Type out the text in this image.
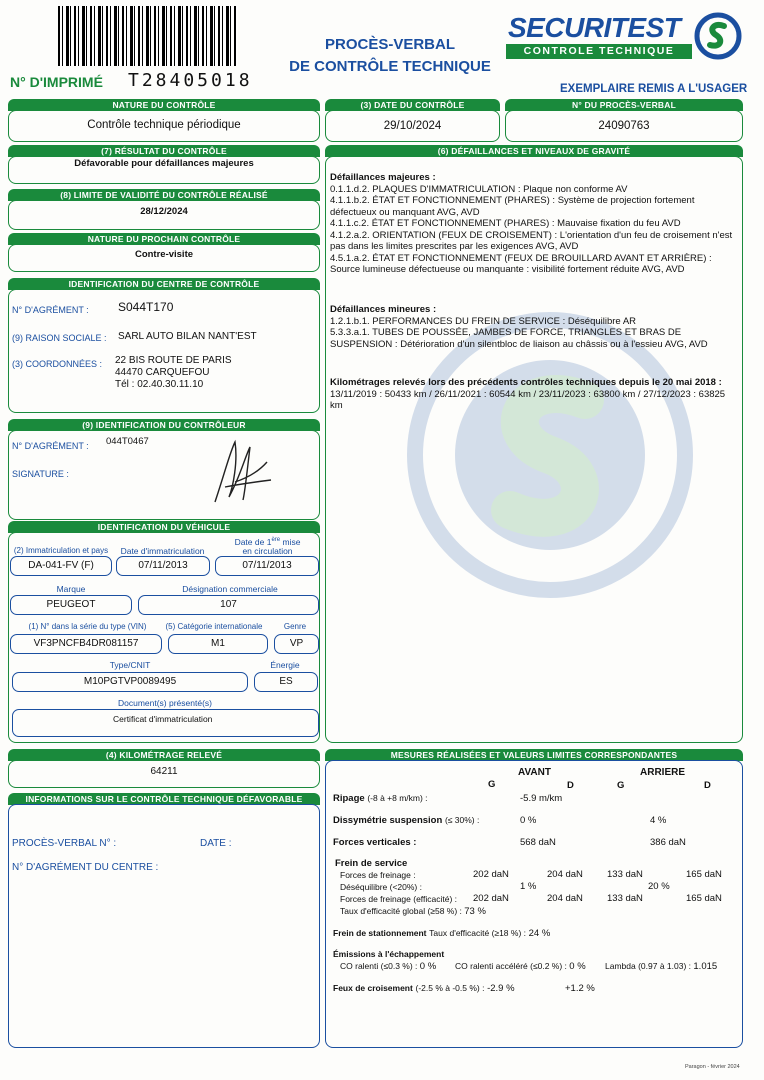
N° D'IMPRIMÉ T28405018
PROCÈS-VERBAL
DE CONTRÔLE TECHNIQUE
SECURITEST
CONTROLE TECHNIQUE
EXEMPLAIRE REMIS A L'USAGER
NATURE DU CONTRÔLE
Contrôle technique périodique
(3) DATE DU CONTRÔLE
29/10/2024
N° DU PROCÈS-VERBAL
24090763
(7) RÉSULTAT DU CONTRÔLE
Défavorable pour défaillances majeures
(8) LIMITE DE VALIDITÉ DU CONTRÔLE RÉALISÉ
28/12/2024
NATURE DU PROCHAIN CONTRÔLE
Contre-visite
IDENTIFICATION DU CENTRE DE CONTRÔLE
N° D'AGRÉMENT : S044T170
(9) RAISON SOCIALE : SARL AUTO BILAN NANT'EST
(3) COORDONNÉES : 22 BIS ROUTE DE PARIS
44470 CARQUEFOU
Tél : 02.40.30.11.10
(9) IDENTIFICATION DU CONTRÔLEUR
N° D'AGRÉMENT : 044T0467
SIGNATURE :
IDENTIFICATION DU VÉHICULE
(2) Immatriculation et pays	Date d'immatriculation
Date de 1ère mise
en circulation
DA-041-FV (F)	07/11/2013	07/11/2013
Marque	Désignation commerciale
PEUGEOT	107
(1) N° dans la série du type (VIN)	(5) Catégorie internationale	Genre
VF3PNCFB4DR081157	M1	VP
Type/CNIT	Énergie
M10PGTVP0089495	ES
Document(s) présenté(s)
Certificat d'immatriculation
(6) DÉFAILLANCES ET NIVEAUX DE GRAVITÉ
Défaillances majeures :
0.1.1.d.2. PLAQUES D'IMMATRICULATION : Plaque non conforme AV
4.1.1.b.2. ÉTAT ET FONCTIONNEMENT (PHARES) : Système de projection fortement défectueux ou manquant AVG, AVD
4.1.1.c.2. ÉTAT ET FONCTIONNEMENT (PHARES) : Mauvaise fixation du feu AVD
4.1.2.a.2. ORIENTATION (FEUX DE CROISEMENT) : L'orientation d'un feu de croisement n'est pas dans les limites prescrites par les exigences AVG, AVD
4.5.1.a.2. ÉTAT ET FONCTIONNEMENT (FEUX DE BROUILLARD AVANT ET ARRIÈRE) : Source lumineuse défectueuse ou manquante : visibilité fortement réduite AVG, AVD
Défaillances mineures :
1.2.1.b.1. PERFORMANCES DU FREIN DE SERVICE : Déséquilibre AR
5.3.3.a.1. TUBES DE POUSSÉE, JAMBES DE FORCE, TRIANGLES ET BRAS DE SUSPENSION : Détérioration d'un silentbloc de liaison au châssis ou à l'essieu AVG, AVD
Kilométrages relevés lors des précédents contrôles techniques depuis le 20 mai 2018 : 13/11/2019 : 50433 km / 26/11/2021 : 60544 km / 23/11/2023 : 63800 km / 27/12/2023 : 63825 km
(4) KILOMÉTRAGE RELEVÉ
64211
INFORMATIONS SUR LE CONTRÔLE TECHNIQUE DÉFAVORABLE
PROCÈS-VERBAL N° :	DATE :
N° D'AGRÉMENT DU CENTRE :
MESURES RÉALISÉES ET VALEURS LIMITES CORRESPONDANTES
AVANT	ARRIERE
G	D	G	D
Ripage (-8 à +8 m/km) :	-5.9 m/km
Dissymétrie suspension (≤ 30%) :	0 %	4 %
Forces verticales :	568 daN	386 daN
Frein de service
Forces de freinage :	202 daN	204 daN	133 daN	165 daN
Déséquilibre (<20%) :	1 %	20 %
Forces de freinage (efficacité) : 202 daN	204 daN	133 daN	165 daN
Taux d'efficacité global (≥58 %) : 73 %
Frein de stationnement Taux d'efficacité (≥18 %) : 24 %
Émissions à l'échappement
CO ralenti (≤0.3 %) : 0 % CO ralenti accéléré (≤0.2 %) : 0 % Lambda (0.97 à 1.03) : 1.015
Feux de croisement (-2.5 % à -0.5 %) : -2.9 %	+1.2 %
Paragon - février 2024
